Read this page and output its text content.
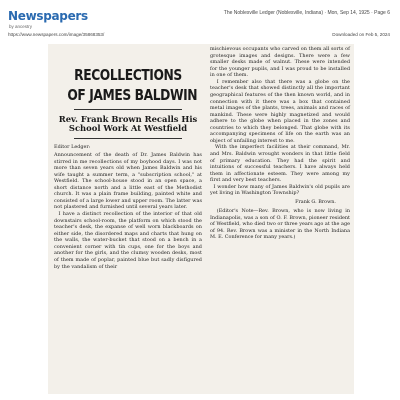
Newspapers
by ancestry
The Noblesville Ledger (Noblesville, Indiana) · Mon, Sep 14, 1925 · Page 6
https://www.newspapers.com/image/35868353/	Downloaded on Feb 5, 2024
RECOLLECTIONS
OF JAMES BALDWIN
Rev. Frank Brown Recalls His School Work At Westfield
Editor Ledger:

Announcement of the death of Dr. James Baldwin has stirred in me recollections of my boyhood days. I was not more than seven years old when James Baldwin and his wife taught a summer term, a "subscription school," at Westfield. The school-house stood in an open space, a short distance north and a little east of the Methodist church. It was a plain frame building, painted white and consisted of a large lower and upper room. The latter was not plastered and furnished until several years later.
I have a distinct recollection of the interior of that old downstairs school-room, the platform on which stood the teacher's desk, the expanse of well worn blackboards on either side, the disordered maps and charts that hung on the walls, the water-bucket that stood on a bench in a convenient corner with tin cups, one for the boys and another for the girls, and the clumsy wooden desks, most of them made of poplar, painted blue but sadly disfigured by the vandalism of their

mischievous occupants who carved on them all sorts of grotesque images and designs. There were a few smaller desks made of walnut. These were intended for the younger pupils, and I was proud to be installed in one of them.
I remember also that there was a globe on the teacher's desk that showed distinctly all the important geographical features of the then known world, and in connection with it there was a box that contained metal images of the plants, trees, animals and races of mankind. These were highly magnetized and would adhere to the globe when placed in the zones and countries to which they belonged. That globe with its accompanying specimens of life on the earth was an object of unfailing interest to me.
With the imperfect facilities at their command, Mr. and Mrs. Baldwin wrought wonders in that little field of primary education. They had the spirit and intuitions of successful teachers. I have always held them in affectionate esteem. They were among my first and very best teachers.
I wonder how many of James Baldwin's old pupils are yet living in Washington Township?

Frank G. Brown.

(Editor's Note—Rev. Brown, who is now living in Indianapolis, was a son of O. F. Brown, pioneer resident of Westfield, who died two or three years ago at the age of 94. Rev. Brown was a minister in the North Indiana M. E. Conference for many years.)
